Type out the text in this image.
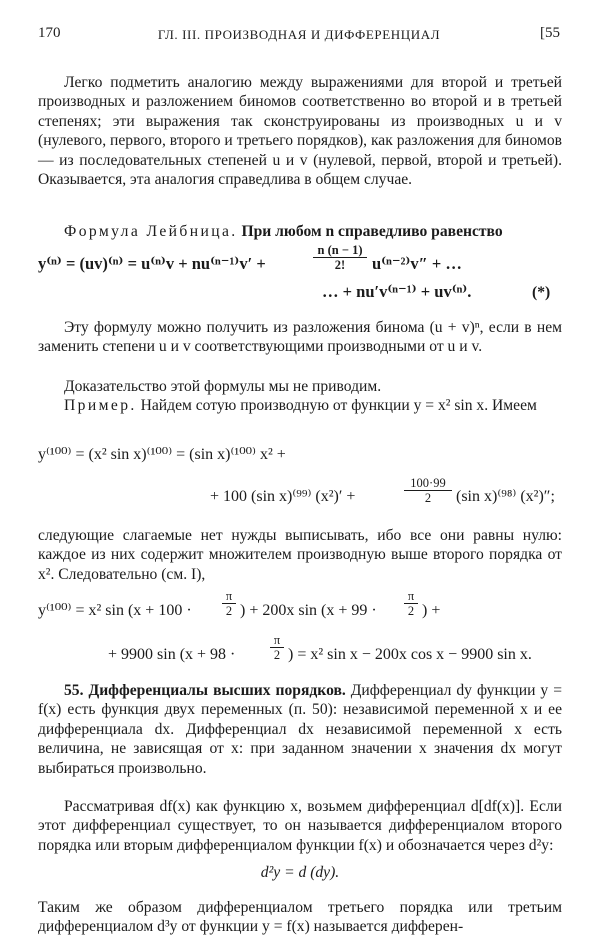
170	ГЛ. III. ПРОИЗВОДНАЯ И ДИФФЕРЕНЦИАЛ	[55
Легко подметить аналогию между выражениями для второй и третьей производных и разложением биномов соответственно во второй и в третьей степенях; эти выражения так сконструированы из производных u и v (нулевого, первого, второго и третьего порядков), как разложения для биномов — из последовательных степеней u и v (нулевой, первой, второй и третьей). Оказывается, эта аналогия справедлива в общем случае.
Формула Лейбница. При любом n справедливо равенство
y⁽ⁿ⁾ = (uv)⁽ⁿ⁾ = u⁽ⁿ⁾v + nu⁽ⁿ⁻¹⁾v′ +	$\frac{n (n - 1)}{2!} u^{(n-2)}v''$ + …
… + nu′v⁽ⁿ⁻¹⁾ + uv⁽ⁿ⁾.	(*)
Эту формулу можно получить из разложения бинома (u + v)ⁿ, если в нем заменить степени u и v соответствующими производными от u и v.
Доказательство этой формулы мы не приводим.
Пример. Найдем сотую производную от функции y = x² sin x. Имеем
y⁽¹⁰⁰⁾ = (x² sin x)⁽¹⁰⁰⁾ = (sin x)⁽¹⁰⁰⁾ x² +
+ 100 (sin x)⁽⁹⁹⁾ (x²)′ +	$\frac{100\cdot 99}{2} (\sin$ x)⁽⁹⁸⁾ (x²)″;
следующие слагаемые нет нужды выписывать, ибо все они равны нулю: каждое из них содержит множителем производную выше второго порядка от x². Следовательно (см. I),
y⁽¹⁰⁰⁾ = x² $\sin (x + 100 \cdot \frac{\pi}{2}$ ) + 200x $\sin (x + 99 \cdot \frac{\pi}{2}$ ) +
+ 9900 sin (x + 98 ·	$\frac{\pi}{2}$ ) = x² sin x − 200x cos x − 9900 sin x.
55. Дифференциалы высших порядков. Дифференциал dy функции y = f(x) есть функция двух переменных (п. 50): независимой переменной x и ее дифференциала dx. Дифференциал dx независимой переменной x есть величина, не зависящая от x: при заданном значении x значения dx могут выбираться произвольно.
Рассматривая df(x) как функцию x, возьмем дифференциал d[df(x)]. Если этот дифференциал существует, то он называется дифференциалом второго порядка или вторым дифференциалом функции f(x) и обозначается через d²y:
d²y = d (dy).
Таким же образом дифференциалом третьего порядка или третьим дифференциалом d³y от функции y = f(x) называется дифферен-
